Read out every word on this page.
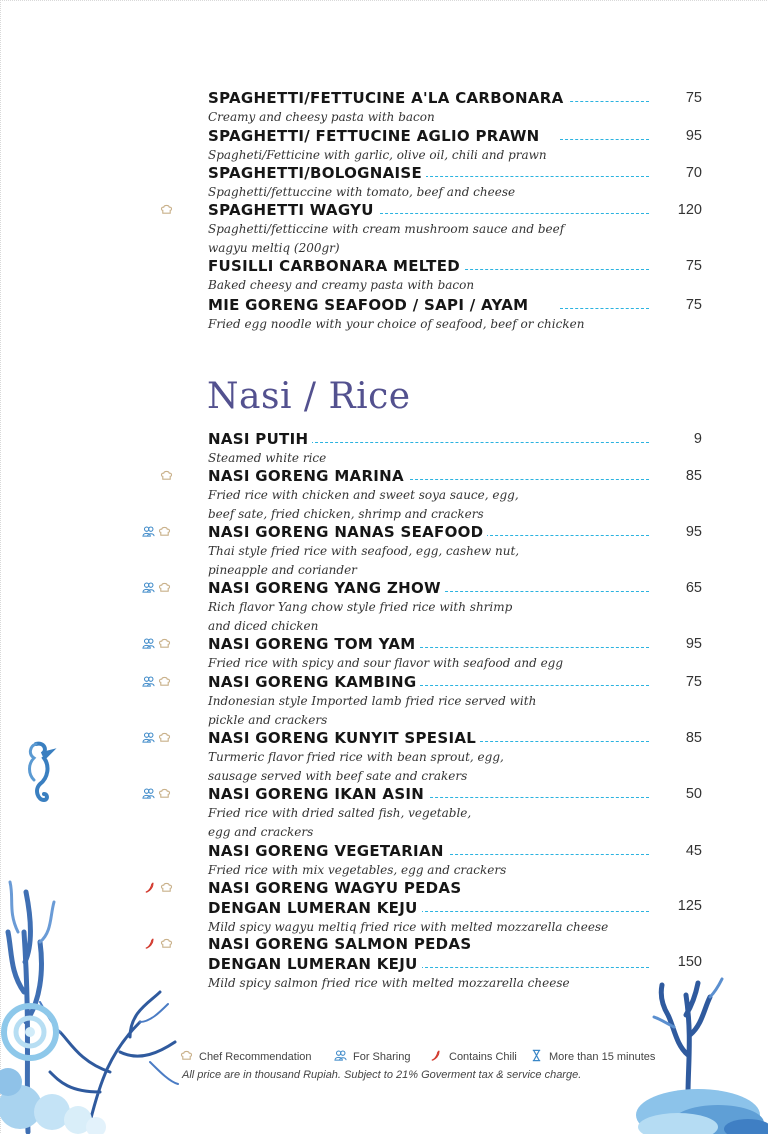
SPAGHETTI/FETTUCINE A'LA CARBONARA	75
Creamy and cheesy pasta with bacon
SPAGHETTI/ FETTUCINE AGLIO PRAWN	95
Spagheti/Fetticine with garlic, olive oil, chili and prawn
SPAGHETTI/BOLOGNAISE	70
Spaghetti/fettuccine with tomato, beef and cheese
SPAGHETTI WAGYU	120
Spaghetti/fetticcine with cream mushroom sauce and beef
wagyu meltiq (200gr)
FUSILLI CARBONARA MELTED	75
Baked cheesy and creamy pasta with bacon
MIE GORENG SEAFOOD / SAPI / AYAM	75
Fried egg noodle with your choice of seafood, beef or chicken
Nasi / Rice
NASI PUTIH	9
Steamed white rice
NASI GORENG MARINA	85
Fried rice with chicken and sweet soya sauce, egg,
beef sate, fried chicken, shrimp and crackers
NASI GORENG NANAS SEAFOOD	95
Thai style fried rice with seafood, egg, cashew nut,
pineapple and coriander
NASI GORENG YANG ZHOW	65
Rich flavor Yang chow style fried rice with shrimp
and diced chicken
NASI GORENG TOM YAM	95
Fried rice with spicy and sour flavor with seafood and egg
NASI GORENG KAMBING	75
Indonesian style Imported lamb fried rice served with
pickle and crackers
NASI GORENG KUNYIT SPESIAL	85
Turmeric flavor fried rice with bean sprout, egg,
sausage served with beef sate and crakers
NASI GORENG IKAN ASIN	50
Fried rice with dried salted fish, vegetable,
egg and crackers
NASI GORENG VEGETARIAN	45
Fried rice with mix vegetables, egg and crackers
NASI GORENG WAGYU PEDAS
DENGAN LUMERAN KEJU	125
Mild spicy wagyu meltiq fried rice with melted mozzarella cheese
NASI GORENG SALMON PEDAS
DENGAN LUMERAN KEJU	150
Mild spicy salmon fried rice with melted mozzarella cheese
Chef Recommendation	For Sharing	Contains Chili	More than 15 minutes
All price are in thousand Rupiah. Subject to 21% Goverment tax & service charge.
